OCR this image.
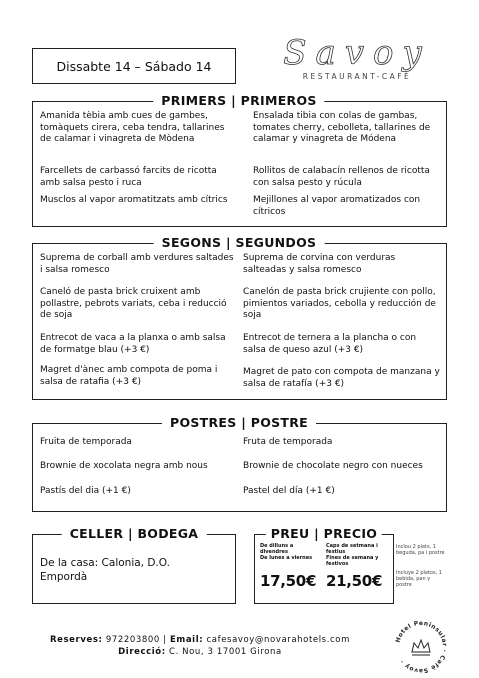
Dissabte 14 – Sábado 14	Savoy
RESTAURANT-CAFÈ
PRIMERS | PRIMEROS
Amanida tèbia amb cues de gambes, tomàquets cirera, ceba tendra, tallarines de calamar i vinagreta de Mòdena
Farcellets de carbassó farcits de ricotta amb salsa pesto i ruca
Musclos al vapor aromatitzats amb cítrics
Ensalada tibia con colas de gambas, tomates cherry, cebolleta, tallarines de calamar y vinagreta de Módena
Rollitos de calabacín rellenos de ricotta con salsa pesto y rúcula
Mejillones al vapor aromatizados con cítricos
SEGONS | SEGUNDOS
Suprema de corball amb verdures saltades i salsa romesco
Caneló de pasta brick cruixent amb pollastre, pebrots variats, ceba i reducció de soja
Entrecot de vaca a la planxa o amb salsa de formatge blau (+3 €)
Magret d'ànec amb compota de poma i salsa de ratafia (+3 €)
Suprema de corvina con verduras salteadas y salsa romesco
Canelón de pasta brick crujiente con pollo, pimientos variados, cebolla y reducción de soja
Entrecot de ternera a la plancha o con salsa de queso azul (+3 €)
Magret de pato con compota de manzana y salsa de ratafía (+3 €)
POSTRES | POSTRE
Fruita de temporada
Brownie de xocolata negra amb nous
Pastís del dia (+1 €)
Fruta de temporada
Brownie de chocolate negro con nueces
Pastel del día (+1 €)
CELLER | BODEGA
De la casa: Calonia, D.O. Empordà
PREU | PRECIO
De dilluns a divendres
De lunes a viernes
Caps de setmana i festius
Fines de semana y festivos
17,50€ 21,50€
Inclou 2 plats, 1 beguda, pa i postre
Incluye 2 platos, 1 bebida, pan y postre
Reserves: 972203800 | Email: cafesavoy@novarahotels.com
Direcció: C. Nou, 3 17001 Girona
Hotel Peninsular · Cafè Savoy ·
